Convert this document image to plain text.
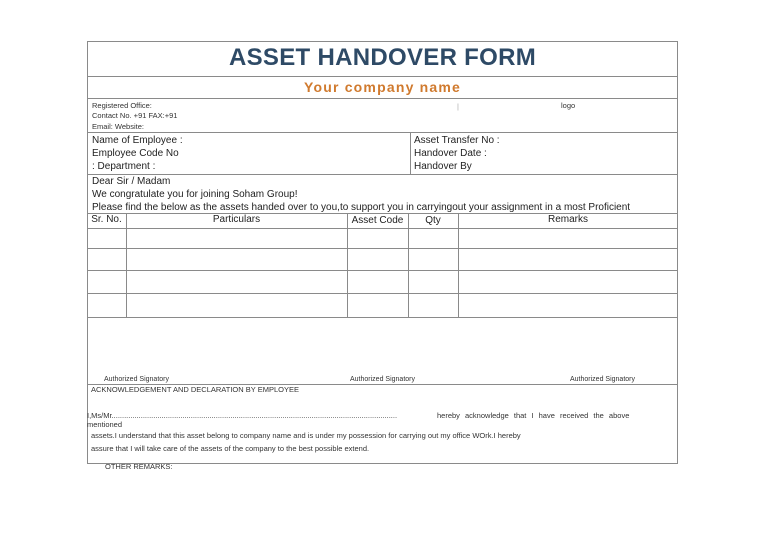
ASSET HANDOVER FORM
Your company name
Registered Office:
Contact No. +91 FAX:+91
Email: Website:
|	logo
Name of Employee :
Employee Code No
: Department :
Asset Transfer No :
Handover Date :
Handover By
Dear Sir / Madam
We congratulate you for joining Soham Group!
Please find the below as the assets handed over to you,to support you in carryingout your assignment in a most Proficient
Sr. No.	Particulars	Asset Code	Qty	Remarks
Authorized Signatory	Authorized Signatory	Authorized Signatory
ACKNOWLEDGEMENT AND DECLARATION BY EMPLOYEE
I,Ms/Mr.........................................................................................................................................	hereby acknowledge that I have received the above
mentioned
assets.I understand that this asset belong to company name and is under my possession for carrying out my office WOrk.I hereby
assure that I will take care of the assets of the company to the best possible extend.
OTHER REMARKS:
